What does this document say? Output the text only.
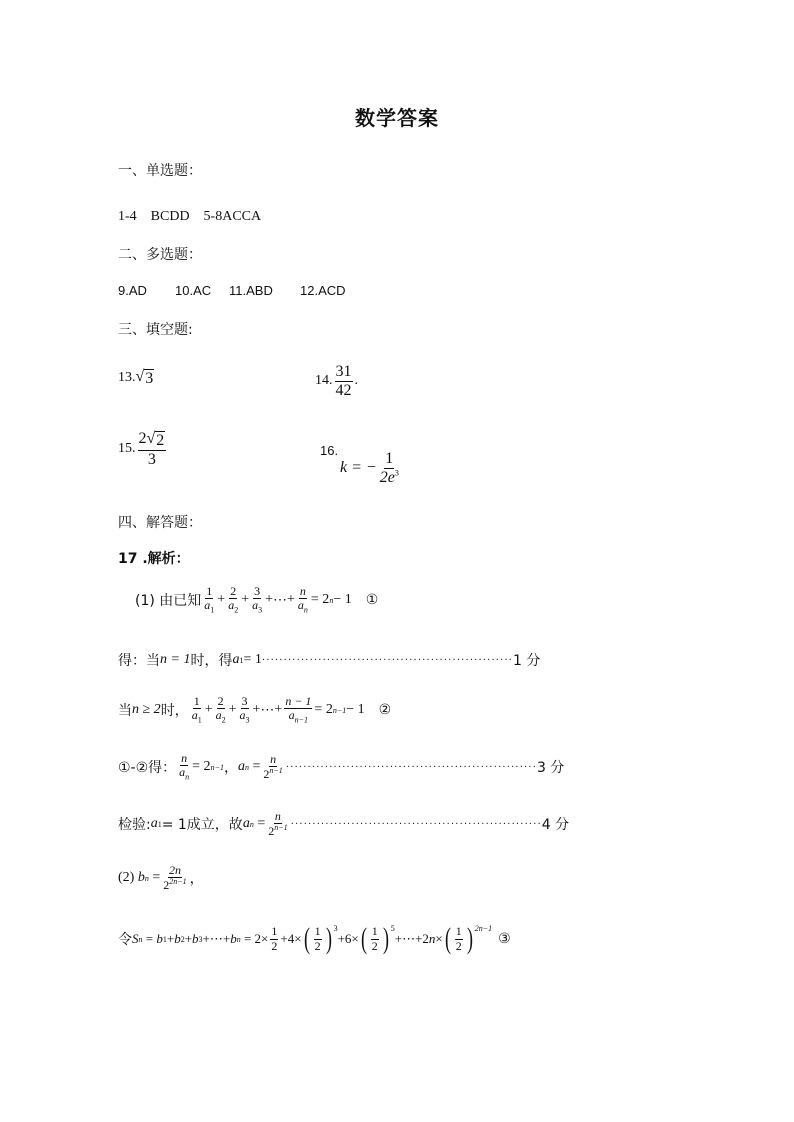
数学答案
一、单选题：
1-4　BCDD　5-8ACCA
二、多选题：
9.AD 10.AC 11.ABD 12.ACD
三、填空题:
13. √ 3	14. $\frac{31}{42}$ .
15. $\frac{2√ 2}{3}$	16.
k = − $\frac{1}{2e^3}$
四、解答题：
17 .解析：
(1) 由已知 $\frac{1}{a_1} + \frac{2}{a_2} + \frac{3}{a_3}$ + ⋯ + $\frac{n}{a_n} = 2$ n − 1 ①
得：当 n = 1 时，得 a 1 = 1 ·························································· 1 分
当 n ≥ 2 时， $\frac{1}{a_1} + \frac{2}{a_2} + \frac{3}{a_3}$ + ⋯ + $\frac{n - 1}{a_{n-1}} = 2$ n−1 − 1 ②
①-②得： $\frac{n}{a_n} = 2$ n−1 ， a $n = \frac{n}{2^{n-1}}$ ·························································· 3 分
检验: a 1 = 1成立，故 a $n = \frac{n}{2^{n-1}}$ ·························································· 4 分
(2)
b $n = \frac{2n}{2^{2n-1}}$ ，
令 S n = b 1 + b 2 + b 3 + ⋯ + b $n = 2\times \frac{1}{2} +4\times$ ( $\frac{1}{2}$ ) $^3$
+6× ( $\frac{1}{2}$ ) $^5$
+ ⋯ +2 n × ( $\frac{1}{2}$ ) $^{2n-1}$
③
